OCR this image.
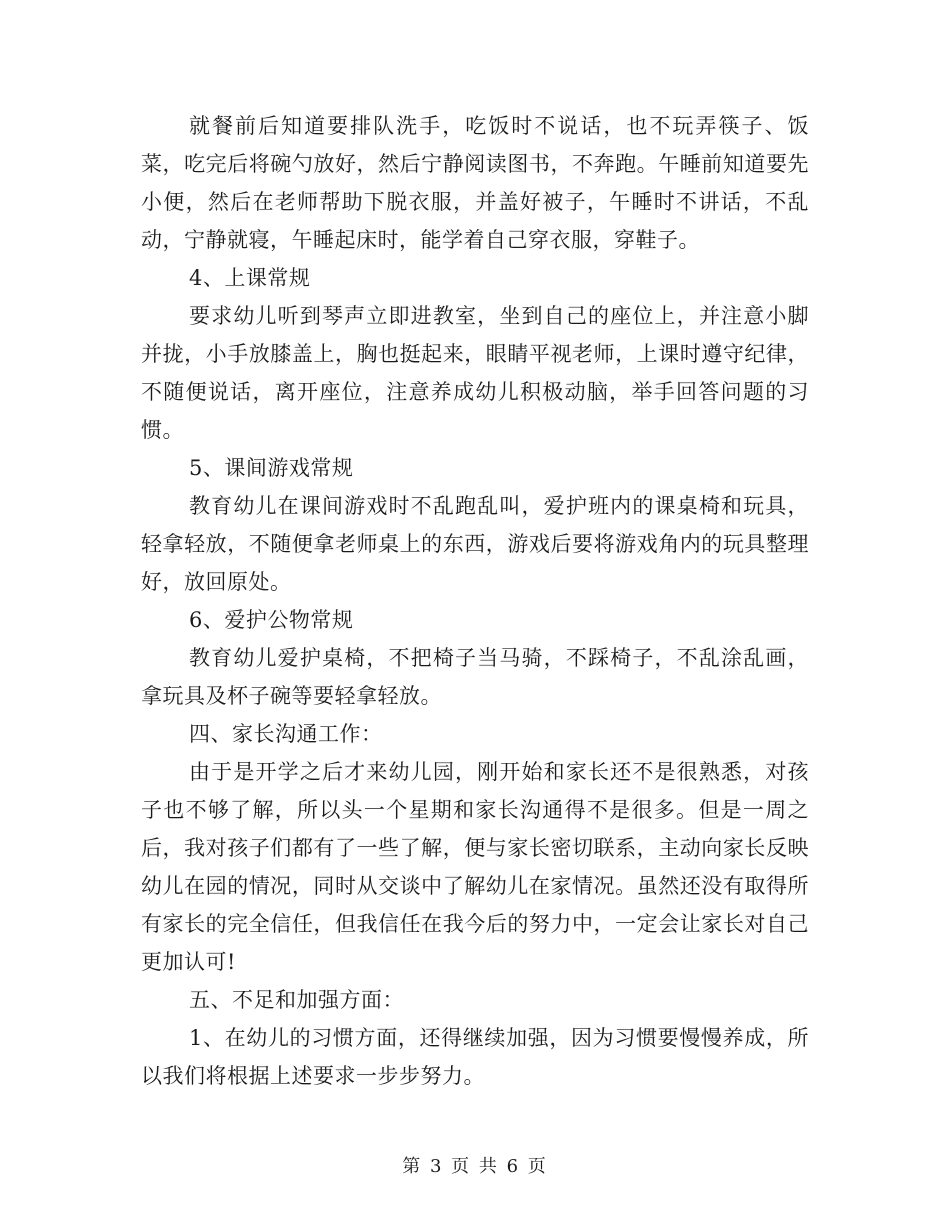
就餐前后知道要排队洗手，吃饭时不说话，也不玩弄筷子、饭菜，吃完后将碗勺放好，然后宁静阅读图书，不奔跑。午睡前知道要先小便，然后在老师帮助下脱衣服，并盖好被子，午睡时不讲话，不乱动，宁静就寝，午睡起床时，能学着自己穿衣服，穿鞋子。

4、上课常规

要求幼儿听到琴声立即进教室，坐到自己的座位上，并注意小脚并拢，小手放膝盖上，胸也挺起来，眼睛平视老师，上课时遵守纪律，不随便说话，离开座位，注意养成幼儿积极动脑，举手回答问题的习惯。

5、课间游戏常规

教育幼儿在课间游戏时不乱跑乱叫，爱护班内的课桌椅和玩具，轻拿轻放，不随便拿老师桌上的东西，游戏后要将游戏角内的玩具整理好，放回原处。

6、爱护公物常规

教育幼儿爱护桌椅，不把椅子当马骑，不踩椅子，不乱涂乱画，拿玩具及杯子碗等要轻拿轻放。

四、家长沟通工作：

由于是开学之后才来幼儿园，刚开始和家长还不是很熟悉，对孩子也不够了解，所以头一个星期和家长沟通得不是很多。但是一周之后，我对孩子们都有了一些了解，便与家长密切联系，主动向家长反映幼儿在园的情况，同时从交谈中了解幼儿在家情况。虽然还没有取得所有家长的完全信任，但我信任在我今后的努力中，一定会让家长对自己更加认可!

五、不足和加强方面：

1、在幼儿的习惯方面，还得继续加强，因为习惯要慢慢养成，所以我们将根据上述要求一步步努力。

第 3 页 共 6 页
